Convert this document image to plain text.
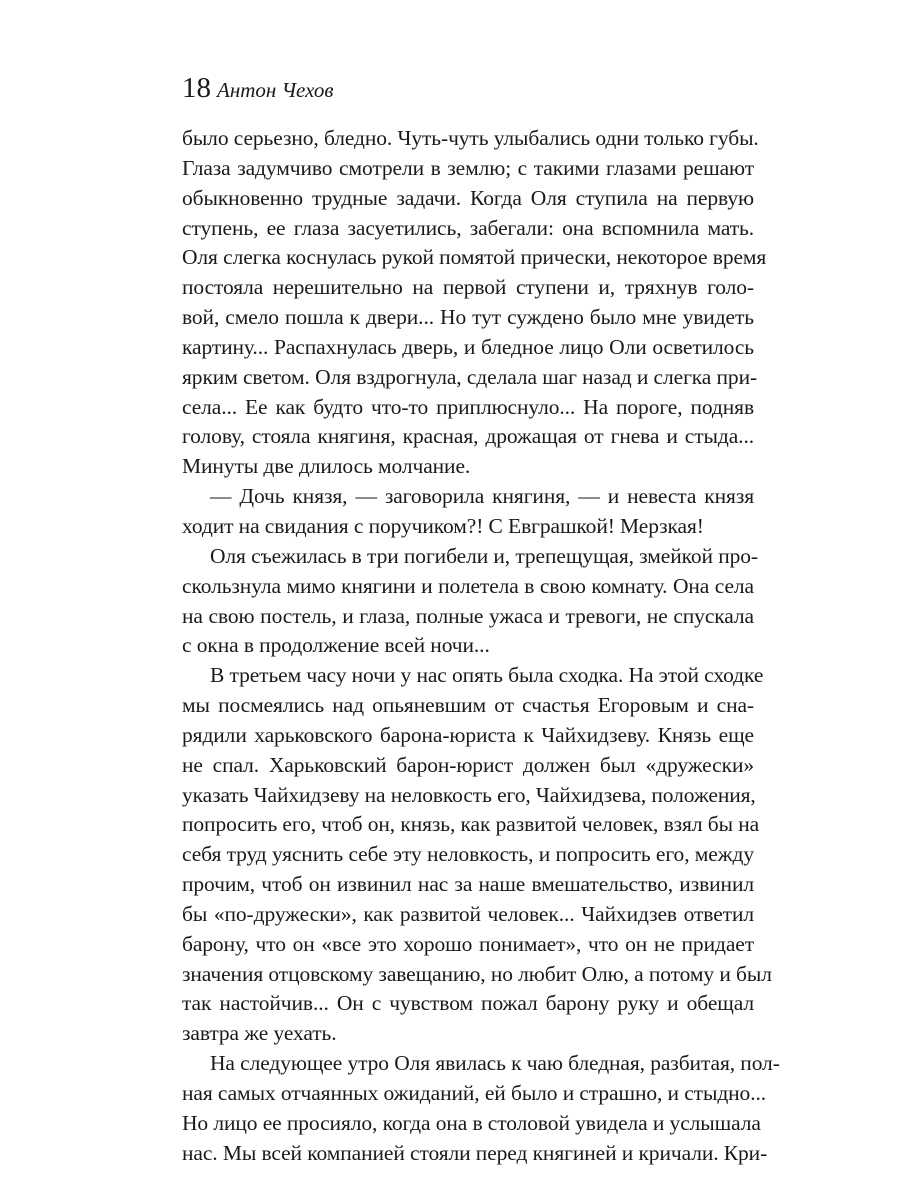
18 Антон Чехов
было серьезно, бледно. Чуть-чуть улыбались одни только губы.
Глаза задумчиво смотрели в землю; с такими глазами решают
обыкновенно трудные задачи. Когда Оля ступила на первую
ступень, ее глаза засуетились, забегали: она вспомнила мать.
Оля слегка коснулась рукой помятой прически, некоторое время
постояла нерешительно на первой ступени и, тряхнув голо-
вой, смело пошла к двери... Но тут суждено было мне увидеть
картину... Распахнулась дверь, и бледное лицо Оли осветилось
ярким светом. Оля вздрогнула, сделала шаг назад и слегка при-
села... Ее как будто что-то приплюснуло... На пороге, подняв
голову, стояла княгиня, красная, дрожащая от гнева и стыда...
Минуты две длилось молчание.
— Дочь князя, — заговорила княгиня, — и невеста князя
ходит на свидания с поручиком?! С Евграшкой! Мерзкая!
Оля съежилась в три погибели и, трепещущая, змейкой про-
скользнула мимо княгини и полетела в свою комнату. Она села
на свою постель, и глаза, полные ужаса и тревоги, не спускала
с окна в продолжение всей ночи...
В третьем часу ночи у нас опять была сходка. На этой сходке
мы посмеялись над опьяневшим от счастья Егоровым и сна-
рядили харьковского барона-юриста к Чайхидзеву. Князь еще
не спал. Харьковский барон-юрист должен был «дружески»
указать Чайхидзеву на неловкость его, Чайхидзева, положения,
попросить его, чтоб он, князь, как развитой человек, взял бы на
себя труд уяснить себе эту неловкость, и попросить его, между
прочим, чтоб он извинил нас за наше вмешательство, извинил
бы «по-дружески», как развитой человек... Чайхидзев ответил
барону, что он «все это хорошо понимает», что он не придает
значения отцовскому завещанию, но любит Олю, а потому и был
так настойчив... Он с чувством пожал барону руку и обещал
завтра же уехать.
На следующее утро Оля явилась к чаю бледная, разбитая, пол-
ная самых отчаянных ожиданий, ей было и страшно, и стыдно...
Но лицо ее просияло, когда она в столовой увидела и услышала
нас. Мы всей компанией стояли перед княгиней и кричали. Кри-
